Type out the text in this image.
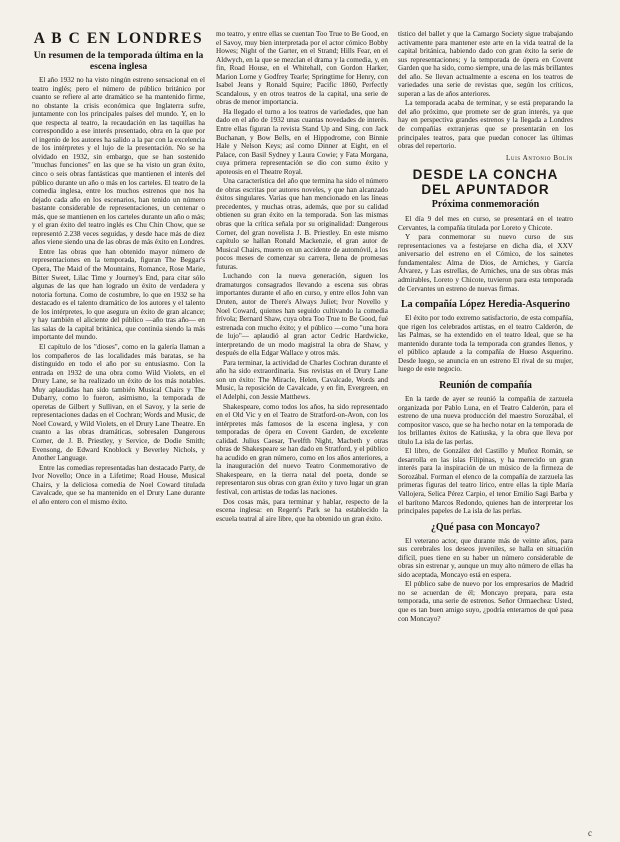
A B C EN LONDRES
Un resumen de la temporada última en la escena inglesa

El año 1932 no ha visto ningún estreno sensacional en el teatro inglés; pero el número de público británico por cuanto se refiere al arte dramático se ha mantenido firme, no obstante la crisis económica que Inglaterra sufre, juntamente con los principales países del mundo. Y, en lo que respecta al teatro, la recaudación en las taquillas ha correspondido a ese interés presentado, obra en la que por el ingenio de los autores ha salido a la par con la excelencia de los intérpretes y el lujo de la presentación. No se ha olvidado en 1932, sin embargo, que se han sostenido "muchas funciones" en las que se ha visto un gran éxito, cinco o seis obras fantásticas que mantienen el interés del público durante un año o más en los carteles. El teatro de la comedia inglesa, entre los muchos estrenos que nos ha dejado cada año en los escenarios, han tenido un número bastante considerable de representaciones, un centenar o más, que se mantienen en los carteles durante un año o más; y el gran éxito del teatro inglés es Chu Chin Chow, que se representó 2.238 veces seguidas, y desde hace más de diez años viene siendo una de las obras de más éxito en Londres.

Entre las obras que han obtenido mayor número de representaciones en la temporada, figuran The Beggar's Opera, The Maid of the Mountains, Romance, Rose Marie, Bitter Sweet, Lilac Time y Journey's End, para citar sólo algunas de las que han logrado un éxito de verdadera y notoria fortuna. Como de costumbre, lo que en 1932 se ha destacado es el talento dramático de los autores y el talento de los intérpretes, lo que asegura un éxito de gran alcance; y hay también el aliciente del público —año tras año— en las salas de la capital británica, que continúa siendo la más importante del mundo.

El capítulo de los "dioses", como en la galería llaman a los compañeros de las localidades más baratas, se ha distinguido en todo el año por su entusiasmo. Con la entrada en 1932 de una obra como Wild Violets, en el Drury Lane, se ha realizado un éxito de los más notables. Muy aplaudidas han sido también Musical Chairs y The Dubarry, como lo fueron, asimismo, la temporada de operetas de Gilbert y Sullivan, en el Savoy, y la serie de representaciones dadas en el Cochran; Words and Music, de Noel Coward, y Wild Violets, en el Drury Lane Theatre. En cuanto a las obras dramáticas, sobresalen Dangerous Corner, de J. B. Priestley, y Service, de Dodie Smith; Evensong, de Edward Knoblock y Beverley Nichols, y Another Language.

Entre las comedias representadas han destacado Party, de Ivor Novello; Once in a Lifetime; Road House, Musical Chairs, y la deliciosa comedia de Noel Coward titulada Cavalcade, que se ha mantenido en el Drury Lane durante el año entero con el mismo éxito.

mo teatro, y entre ellas se cuentan Too True to Be Good, en el Savoy, muy bien interpretada por el actor cómico Bobby Howes; Night of the Garter, en el Strand; Hills Fear, en el Aldwych, en la que se mezclan el drama y la comedia, y, en fin, Road House, en el Whitehall, con Gordon Harker, Marion Lorne y Godfrey Tearle; Springtime for Henry, con Isabel Jeans y Ronald Squire; Pacific 1860, Perfectly Scandalous, y en otros teatros de la capital, una serie de obras de menor importancia.

Ha llegado el turno a los teatros de variedades, que han dado en el año de 1932 unas cuantas novedades de interés. Entre ellas figuran la revista Stand Up and Sing, con Jack Buchanan, y Bow Bells, en el Hippodrome, con Binnie Hale y Nelson Keys; así como Dinner at Eight, en el Palace, con Basil Sydney y Laura Cowie; y Fata Morgana, cuya primera representación se dio con sumo éxito y apoteosis en el Theatre Royal.

Una característica del año que termina ha sido el número de obras escritas por autores noveles, y que han alcanzado éxitos singulares. Varias que han mencionado en las líneas precedentes, y muchas otras, además, que por su calidad obtienen su gran éxito en la temporada. Son las mismas obras que la crítica señala por su originalidad: Dangerous Corner, del gran novelista J. B. Priestley. En este mismo capítulo se hallan Ronald Mackenzie, el gran autor de Musical Chairs, muerto en un accidente de automóvil, a los pocos meses de comenzar su carrera, llena de promesas futuras.

Luchando con la nueva generación, siguen los dramaturgos consagrados llevando a escena sus obras importantes durante el año en curso, y entre ellos John van Druten, autor de There's Always Juliet; Ivor Novello y Noel Coward, quienes han seguido cultivando la comedia frívola; Bernard Shaw, cuya obra Too True to Be Good, fué estrenada con mucho éxito; y el público —como "una hora de lujo"— aplaudió al gran actor Cedric Hardwicke, interpretando de un modo magistral la obra de Shaw, y después de ella Edgar Wallace y otros más.

Para terminar, la actividad de Charles Cochran durante el año ha sido extraordinaria. Sus revistas en el Drury Lane son un éxito: The Miracle, Helen, Cavalcade, Words and Music, la reposición de Cavalcade, y en fin, Evergreen, en el Adelphi, con Jessie Matthews.

Shakespeare, como todos los años, ha sido representado en el Old Vic y en el Teatro de Stratford-on-Avon, con los intérpretes más famosos de la escena inglesa, y con temporadas de ópera en Covent Garden, de excelente calidad. Julius Caesar, Twelfth Night, Macbeth y otras obras de Shakespeare se han dado en Stratford, y el público ha acudido en gran número, como en los años anteriores, a la inauguración del nuevo Teatro Conmemorativo de Shakespeare, en la tierra natal del poeta, donde se representaron sus obras con gran éxito y tuvo lugar un gran festival, con artistas de todas las naciones.

Dos cosas más, para terminar y hablar, respecto de la escena inglesa: en Regent's Park se ha establecido la escuela teatral al aire libre, que ha obtenido un gran éxito.

tístico del ballet y que la Camargo Society sigue trabajando activamente para mantener este arte en la vida teatral de la capital británica, habiendo dado con gran éxito la serie de sus representaciones; y la temporada de ópera en Covent Garden que ha sido, como siempre, una de las más brillantes del año. Se llevan actualmente a escena en los teatros de variedades una serie de revistas que, según los críticos, superan a las de años anteriores.

La temporada acaba de terminar, y se está preparando la del año próximo, que promete ser de gran interés, ya que hay en perspectiva grandes estrenos y la llegada a Londres de compañías extranjeras que se presentarán en los principales teatros, para que puedan conocer las últimas obras del repertorio.

Luis Antonio Bolín
DESDE LA CONCHA DEL APUNTADOR
Próxima conmemoración

El día 9 del mes en curso, se presentará en el teatro Cervantes, la compañía titulada por Loreto y Chicote.

Y para conmemorar su nuevo curso de sus representaciones va a festejarse en dicha día, el XXV aniversario del estreno en el Cómico, de los sainetes fundamentales: Alma de Dios, de Arniches, y García Álvarez, y Las estrellas, de Arniches, una de sus obras más admirables, Loreto y Chicote, tuvieron para esta temporada de Cervantes un estreno de nuevas firmas.

La compañía López Heredia-Asquerino

El éxito por todo extremo satisfactorio, de esta compañía, que rigen los celebrados artistas, en el teatro Calderón, de las Palmas, se ha extendido en el teatro Ideal, que se ha mantenido durante toda la temporada con grandes llenos, y el público aplaude a la compañía de Hueso Asquerino. Desde luego, se anuncia en un estreno El rival de su mujer, luego de este negocio.

Reunión de compañía

En la tarde de ayer se reunió la compañía de zarzuela organizada por Pablo Luna, en el Teatro Calderón, para el estreno de una nueva producción del maestro Sorozábal, el compositor vasco, que se ha hecho notar en la temporada de los brillantes éxitos de Katiuska, y la obra que lleva por título La isla de las perlas.

El libro, de González del Castillo y Muñoz Román, se desarrolla en las islas Filipinas, y ha merecido un gran interés para la inspiración de un músico de la firmeza de Sorozábal. Forman el elenco de la compañía de zarzuela las primeras figuras del teatro lírico, entre ellas la tiple María Vallojera, Selica Pérez Carpio, el tenor Emilio Sagi Barba y el barítono Marcos Redondo, quienes han de interpretar los principales papeles de La isla de las perlas.

¿Qué pasa con Moncayo?

El veterano actor, que durante más de veinte años, para sus cerebrales los deseos juveniles, se halla en situación difícil, pues tiene en su haber un número considerable de obras sin estrenar y, aunque un muy alto número de ellas ha sido aceptada, Moncayo está en espera.

El público sabe de nuevo por los empresarios de Madrid no se acuerdan de él; Moncayo prepara, para esta temporada, una serie de estrenos. Señor Ormaechea: Usted, que es tan buen amigo suyo, ¿podría enterarnos de qué pasa con Moncayo?

c
